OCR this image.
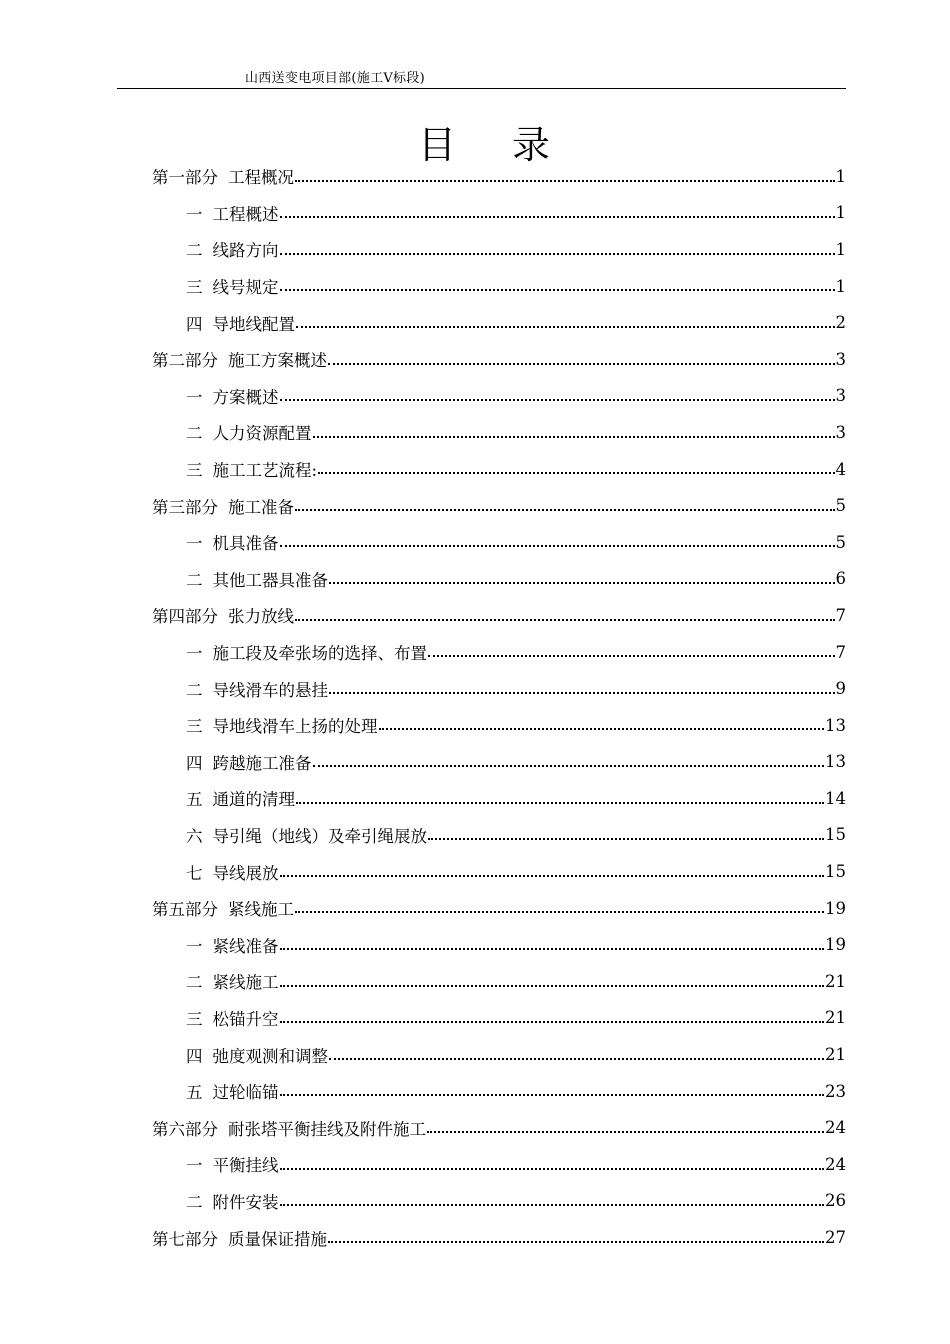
山西送变电项目部(施工Ⅴ标段)
目 录
第一部分 工程概况	1
一 工程概述	1
二 线路方向	1
三 线号规定	1
四 导地线配置	2
第二部分 施工方案概述	3
一 方案概述	3
二 人力资源配置	3
三 施工工艺流程:	4
第三部分 施工准备	5
一 机具准备	5
二 其他工器具准备	6
第四部分 张力放线	7
一 施工段及牵张场的选择、布置	7
二 导线滑车的悬挂	9
三 导地线滑车上扬的处理	13
四 跨越施工准备	13
五 通道的清理	14
六 导引绳（地线）及牵引绳展放	15
七 导线展放	15
第五部分 紧线施工	19
一 紧线准备	19
二 紧线施工	21
三 松锚升空	21
四 弛度观测和调整	21
五 过轮临锚	23
第六部分 耐张塔平衡挂线及附件施工	24
一 平衡挂线	24
二 附件安装	26
第七部分 质量保证措施	27
